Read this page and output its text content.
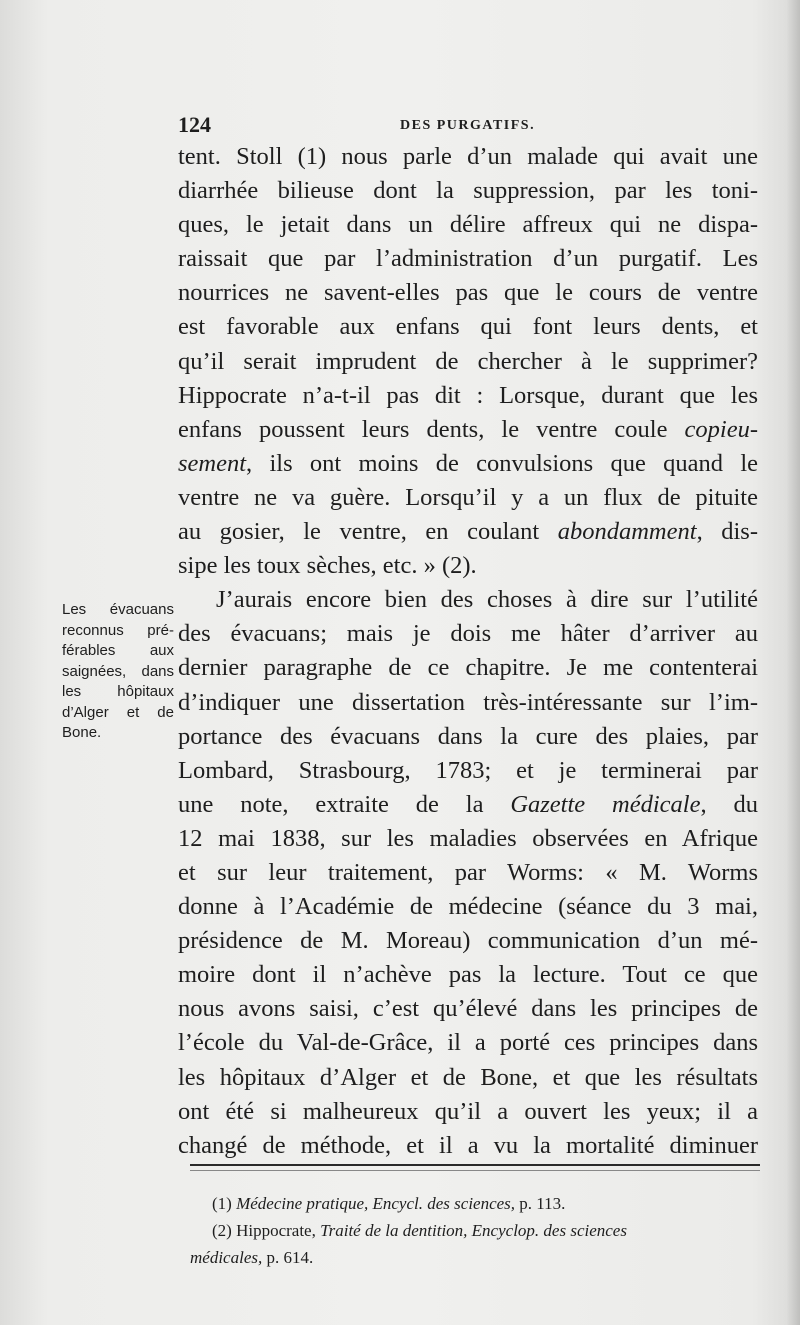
124	DES PURGATIFS.
tent. Stoll (1) nous parle d’un malade qui avait une
diarrhée bilieuse dont la suppression, par les toni-
ques, le jetait dans un délire affreux qui ne dispa-
raissait que par l’administration d’un purgatif. Les
nourrices ne savent-elles pas que le cours de ventre
est favorable aux enfans qui font leurs dents, et
qu’il serait imprudent de chercher à le supprimer?
Hippocrate n’a-t-il pas dit : Lorsque, durant que les
enfans poussent leurs dents, le ventre coule copieu-
sement, ils ont moins de convulsions que quand le
ventre ne va guère. Lorsqu’il y a un flux de pituite
au gosier, le ventre, en coulant abondamment, dis-
sipe les toux sèches, etc. » (2).
J’aurais encore bien des choses à dire sur l’utilité
des évacuans; mais je dois me hâter d’arriver au
dernier paragraphe de ce chapitre. Je me contenterai
d’indiquer une dissertation très-intéressante sur l’im-
portance des évacuans dans la cure des plaies, par
Lombard, Strasbourg, 1783; et je terminerai par
une note, extraite de la Gazette médicale, du
12 mai 1838, sur les maladies observées en Afrique
et sur leur traitement, par Worms: « M. Worms
donne à l’Académie de médecine (séance du 3 mai,
présidence de M. Moreau) communication d’un mé-
moire dont il n’achève pas la lecture. Tout ce que
nous avons saisi, c’est qu’élevé dans les principes de
l’école du Val-de-Grâce, il a porté ces principes dans
les hôpitaux d’Alger et de Bone, et que les résultats
ont été si malheureux qu’il a ouvert les yeux; il a
changé de méthode, et il a vu la mortalité diminuer
Les évacuans
reconnus pré-
férables aux
saignées, dans
les hôpitaux
d’Alger et de
Bone.
(1) Médecine pratique, Encycl. des sciences, p. 113.
(2) Hippocrate, Traité de la dentition, Encyclop. des sciences
médicales, p. 614.
